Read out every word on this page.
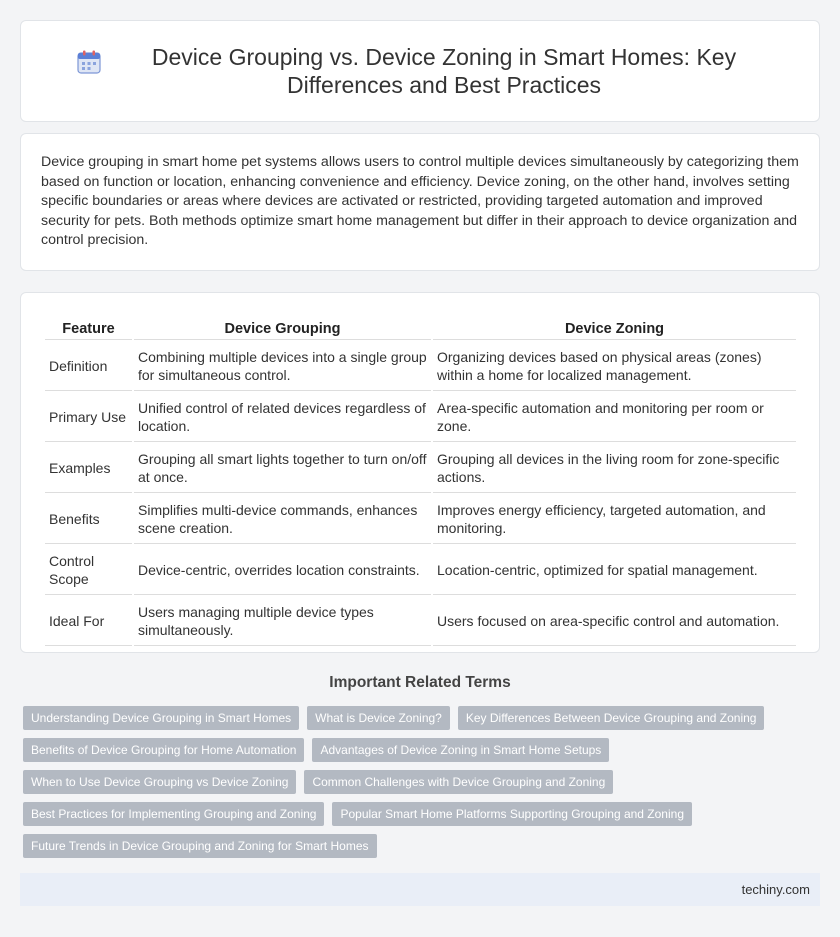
Device Grouping vs. Device Zoning in Smart Homes: Key Differences and Best Practices

Device grouping in smart home pet systems allows users to control multiple devices simultaneously by categorizing them based on function or location, enhancing convenience and efficiency. Device zoning, on the other hand, involves setting specific boundaries or areas where devices are activated or restricted, providing targeted automation and improved security for pets. Both methods optimize smart home management but differ in their approach to device organization and control precision.

Feature	Device Grouping	Device Zoning
Definition	Combining multiple devices into a single group for simultaneous control.	Organizing devices based on physical areas (zones) within a home for localized management.
Primary Use	Unified control of related devices regardless of location.	Area-specific automation and monitoring per room or zone.
Examples	Grouping all smart lights together to turn on/off at once.	Grouping all devices in the living room for zone-specific actions.
Benefits	Simplifies multi-device commands, enhances scene creation.	Improves energy efficiency, targeted automation, and monitoring.
Control Scope	Device-centric, overrides location constraints.	Location-centric, optimized for spatial management.
Ideal For	Users managing multiple device types simultaneously.	Users focused on area-specific control and automation.
Important Related Terms
Understanding Device Grouping in Smart Homes	What is Device Zoning?	Key Differences Between Device Grouping and Zoning
Benefits of Device Grouping for Home Automation	Advantages of Device Zoning in Smart Home Setups
When to Use Device Grouping vs Device Zoning	Common Challenges with Device Grouping and Zoning
Best Practices for Implementing Grouping and Zoning	Popular Smart Home Platforms Supporting Grouping and Zoning
Future Trends in Device Grouping and Zoning for Smart Homes
techiny.com
